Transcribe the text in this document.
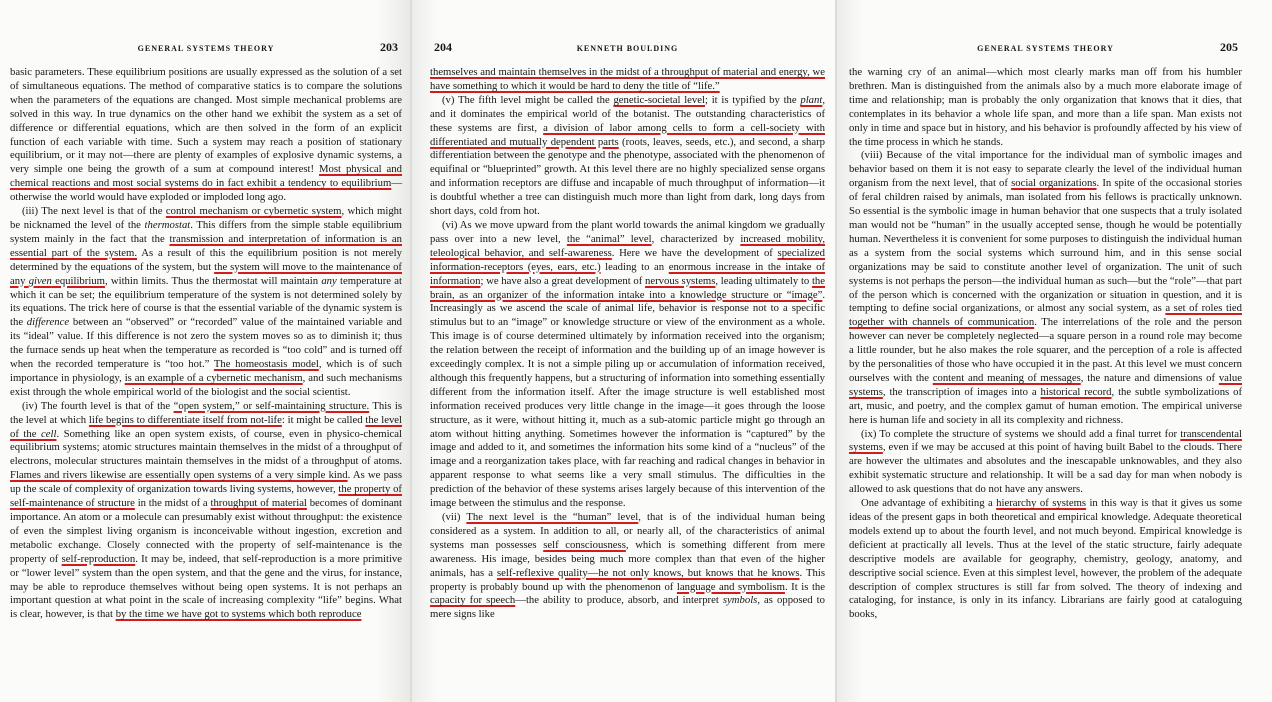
GENERAL SYSTEMS THEORY	203

basic parameters. These equilibrium positions are usually expressed as the solution of a set of simultaneous equations. The method of comparative statics is to compare the solutions when the parameters of the equations are changed. Most simple mechanical problems are solved in this way. In true dynamics on the other hand we exhibit the system as a set of difference or differential equations, which are then solved in the form of an explicit function of each variable with time. Such a system may reach a position of stationary equilibrium, or it may not—there are plenty of examples of explosive dynamic systems, a very simple one being the growth of a sum at compound interest! Most physical and chemical reactions and most social systems do in fact exhibit a tendency to equilibrium—otherwise the world would have exploded or imploded long ago.

(iii) The next level is that of the control mechanism or cybernetic system, which might be nicknamed the level of the thermostat. This differs from the simple stable equilibrium system mainly in the fact that the transmission and interpretation of information is an essential part of the system. As a result of this the equilibrium position is not merely determined by the equations of the system, but the system will move to the maintenance of any given equilibrium, within limits. Thus the thermostat will maintain any temperature at which it can be set; the equilibrium temperature of the system is not determined solely by its equations. The trick here of course is that the essential variable of the dynamic system is the difference between an “observed” or “recorded” value of the maintained variable and its “ideal” value. If this difference is not zero the system moves so as to diminish it; thus the furnace sends up heat when the temperature as recorded is “too cold” and is turned off when the recorded temperature is “too hot.” The homeostasis model, which is of such importance in physiology, is an example of a cybernetic mechanism, and such mechanisms exist through the whole empirical world of the biologist and the social scientist.

(iv) The fourth level is that of the “open system,” or self-maintaining structure. This is the level at which life begins to differentiate itself from not-life: it might be called the level of the cell. Something like an open system exists, of course, even in physico-chemical equilibrium systems; atomic structures maintain themselves in the midst of a throughput of electrons, molecular structures maintain themselves in the midst of a throughput of atoms. Flames and rivers likewise are essentially open systems of a very simple kind. As we pass up the scale of complexity of organization towards living systems, however, the property of self-maintenance of structure in the midst of a throughput of material becomes of dominant importance. An atom or a molecule can presumably exist without throughput: the existence of even the simplest living organism is inconceivable without ingestion, excretion and metabolic exchange. Closely connected with the property of self-maintenance is the property of self-reproduction. It may be, indeed, that self-reproduction is a more primitive or “lower level” system than the open system, and that the gene and the virus, for instance, may be able to reproduce themselves without being open systems. It is not perhaps an important question at what point in the scale of increasing complexity “life” begins. What is clear, however, is that by the time we have got to systems which both reproduce

204	KENNETH BOULDING

themselves and maintain themselves in the midst of a throughput of material and energy, we have something to which it would be hard to deny the title of “life.”

(v) The fifth level might be called the genetic-societal level; it is typified by the plant, and it dominates the empirical world of the botanist. The outstanding characteristics of these systems are first, a division of labor among cells to form a cell-society with differentiated and mutually dependent parts (roots, leaves, seeds, etc.), and second, a sharp differentiation between the genotype and the phenotype, associated with the phenomenon of equifinal or “blueprinted” growth. At this level there are no highly specialized sense organs and information receptors are diffuse and incapable of much throughput of information—it is doubtful whether a tree can distinguish much more than light from dark, long days from short days, cold from hot.

(vi) As we move upward from the plant world towards the animal kingdom we gradually pass over into a new level, the “animal” level, characterized by increased mobility, teleological behavior, and self-awareness. Here we have the development of specialized information-receptors (eyes, ears, etc.) leading to an enormous increase in the intake of information; we have also a great development of nervous systems, leading ultimately to the brain, as an organizer of the information intake into a knowledge structure or “image”. Increasingly as we ascend the scale of animal life, behavior is response not to a specific stimulus but to an “image” or knowledge structure or view of the environment as a whole. This image is of course determined ultimately by information received into the organism; the relation between the receipt of information and the building up of an image however is exceedingly complex. It is not a simple piling up or accumulation of information received, although this frequently happens, but a structuring of information into something essentially different from the information itself. After the image structure is well established most information received produces very little change in the image—it goes through the loose structure, as it were, without hitting it, much as a sub-atomic particle might go through an atom without hitting anything. Sometimes however the information is “captured” by the image and added to it, and sometimes the information hits some kind of a “nucleus” of the image and a reorganization takes place, with far reaching and radical changes in behavior in apparent response to what seems like a very small stimulus. The difficulties in the prediction of the behavior of these systems arises largely because of this intervention of the image between the stimulus and the response.

(vii) The next level is the “human” level, that is of the individual human being considered as a system. In addition to all, or nearly all, of the characteristics of animal systems man possesses self consciousness, which is something different from mere awareness. His image, besides being much more complex than that even of the higher animals, has a self-reflexive quality—he not only knows, but knows that he knows. This property is probably bound up with the phenomenon of language and symbolism. It is the capacity for speech—the ability to produce, absorb, and interpret symbols, as opposed to mere signs like

GENERAL SYSTEMS THEORY	205

the warning cry of an animal—which most clearly marks man off from his humbler brethren. Man is distinguished from the animals also by a much more elaborate image of time and relationship; man is probably the only organization that knows that it dies, that contemplates in its behavior a whole life span, and more than a life span. Man exists not only in time and space but in history, and his behavior is profoundly affected by his view of the time process in which he stands.

(viii) Because of the vital importance for the individual man of symbolic images and behavior based on them it is not easy to separate clearly the level of the individual human organism from the next level, that of social organizations. In spite of the occasional stories of feral children raised by animals, man isolated from his fellows is practically unknown. So essential is the symbolic image in human behavior that one suspects that a truly isolated man would not be “human” in the usually accepted sense, though he would be potentially human. Nevertheless it is convenient for some purposes to distinguish the individual human as a system from the social systems which surround him, and in this sense social organizations may be said to constitute another level of organization. The unit of such systems is not perhaps the person—the individual human as such—but the “role”—that part of the person which is concerned with the organization or situation in question, and it is tempting to define social organizations, or almost any social system, as a set of roles tied together with channels of communication. The interrelations of the role and the person however can never be completely neglected—a square person in a round role may become a little rounder, but he also makes the role squarer, and the perception of a role is affected by the personalities of those who have occupied it in the past. At this level we must concern ourselves with the content and meaning of messages, the nature and dimensions of value systems, the transcription of images into a historical record, the subtle symbolizations of art, music, and poetry, and the complex gamut of human emotion. The empirical universe here is human life and society in all its complexity and richness.

(ix) To complete the structure of systems we should add a final turret for transcendental systems, even if we may be accused at this point of having built Babel to the clouds. There are however the ultimates and absolutes and the inescapable unknowables, and they also exhibit systematic structure and relationship. It will be a sad day for man when nobody is allowed to ask questions that do not have any answers.

One advantage of exhibiting a hierarchy of systems in this way is that it gives us some ideas of the present gaps in both theoretical and empirical knowledge. Adequate theoretical models extend up to about the fourth level, and not much beyond. Empirical knowledge is deficient at practically all levels. Thus at the level of the static structure, fairly adequate descriptive models are available for geography, chemistry, geology, anatomy, and descriptive social science. Even at this simplest level, however, the problem of the adequate description of complex structures is still far from solved. The theory of indexing and cataloging, for instance, is only in its infancy. Librarians are fairly good at cataloguing books,
